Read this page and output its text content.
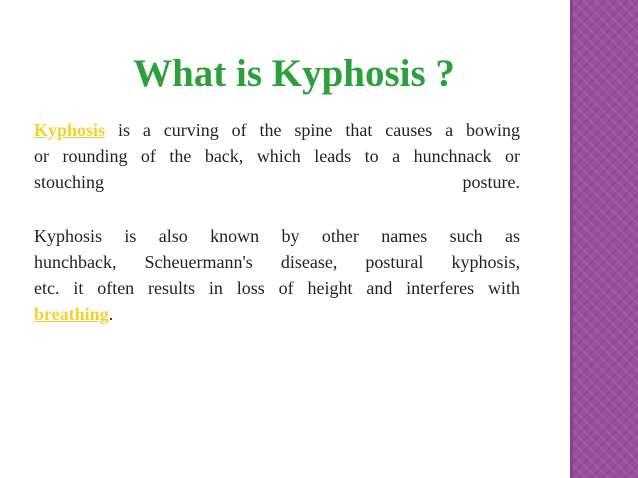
What is Kyphosis ?
Kyphosis is a curving of the spine that causes a bowing
or rounding of the back, which leads to a hunchnack or
stouching posture.
Kyphosis is also known by other names such as
hunchback, Scheuermann's disease, postural kyphosis,
etc. it often results in loss of height and interferes with
breathing.
